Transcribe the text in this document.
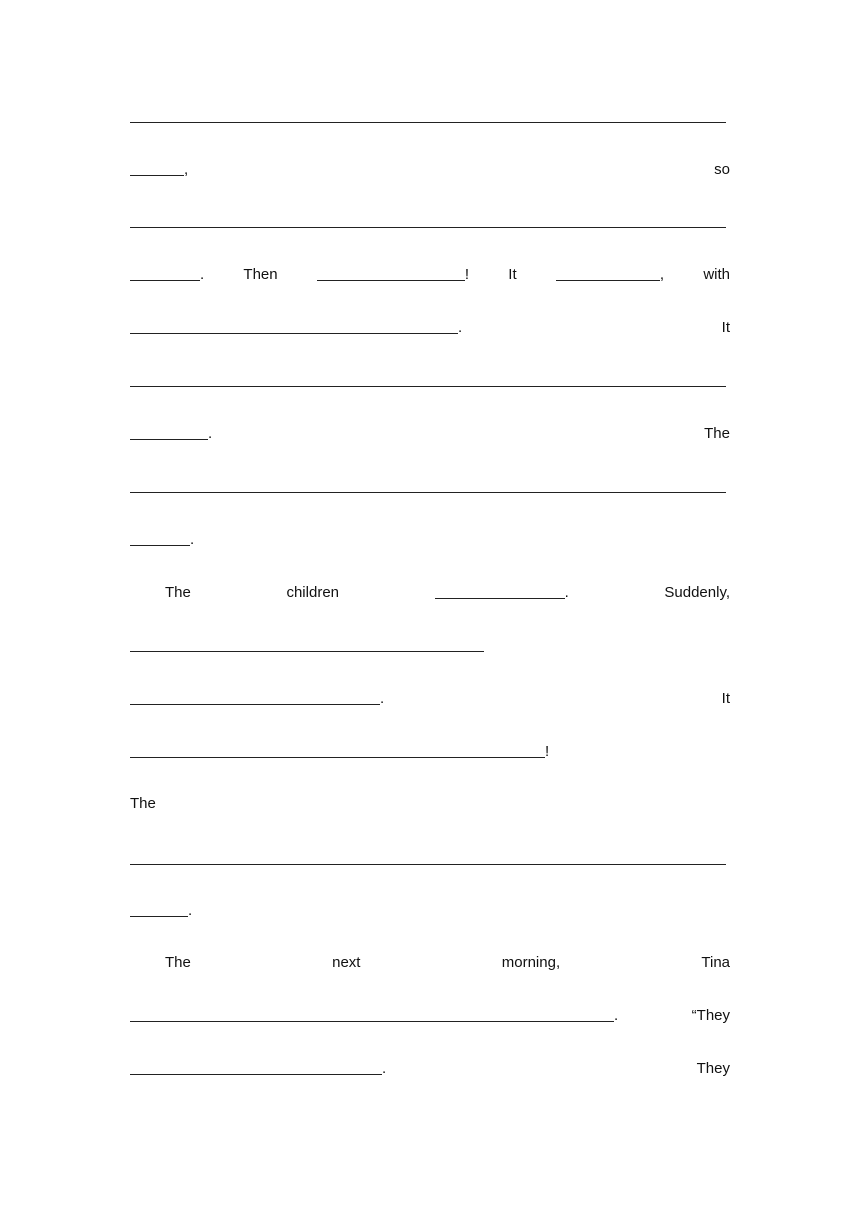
,	so
.	Then	!	It	,	with
.	It
.	The
.
The	children	.	Suddenly,
.	It
!
The
.
The	next	morning,	Tina
.	“They
.	They
